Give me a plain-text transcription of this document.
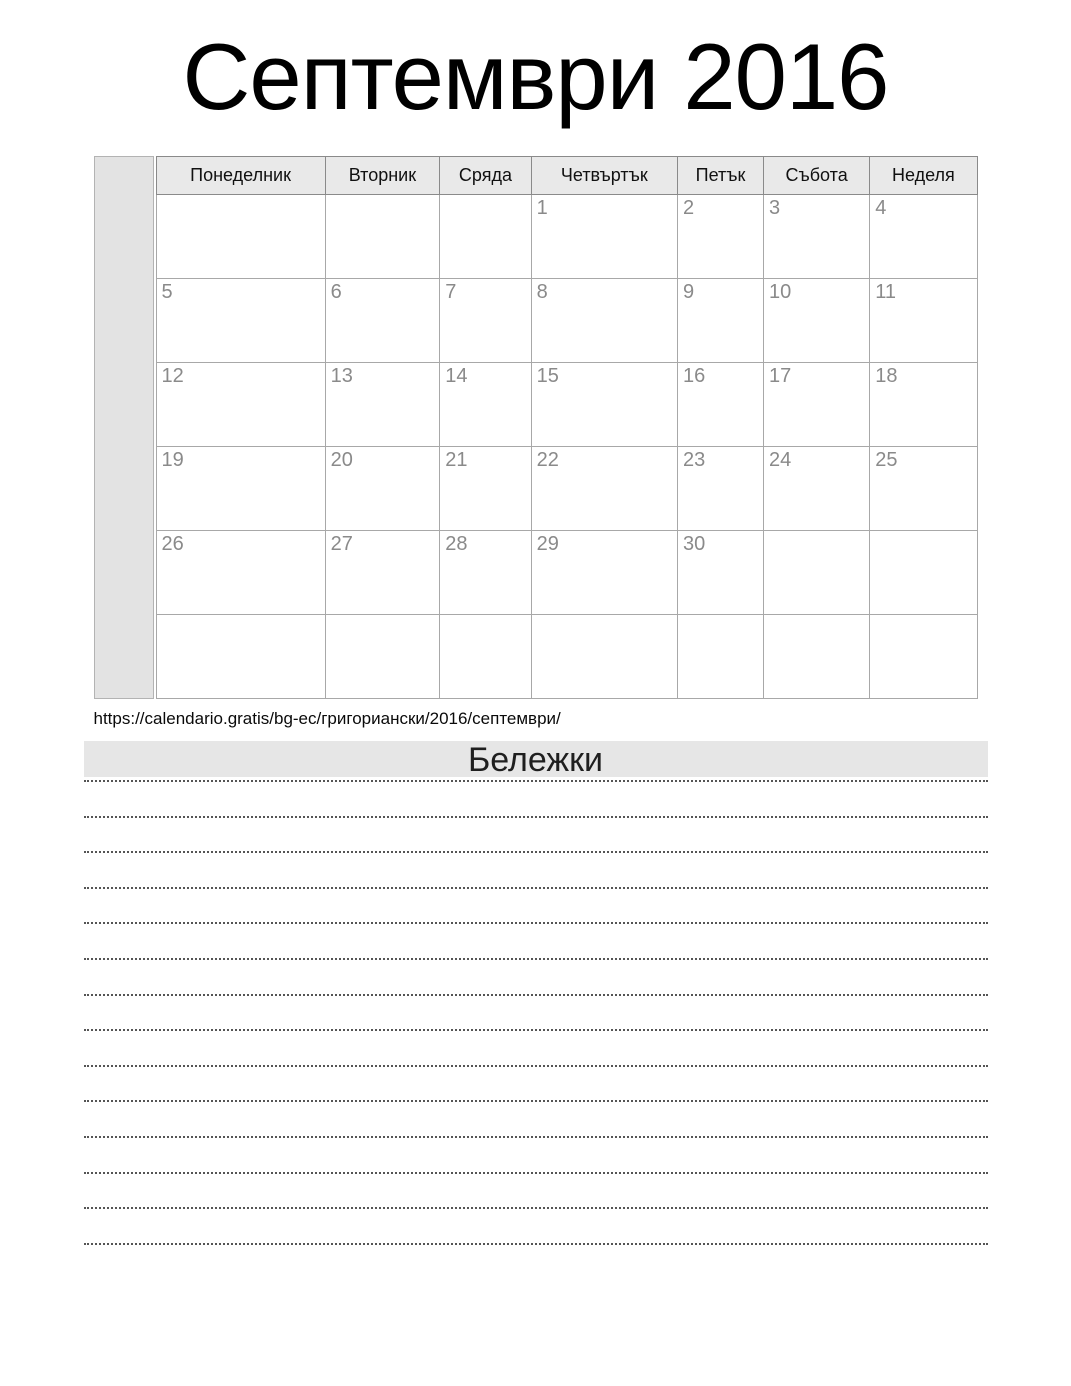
Септември 2016
Понеделник	Вторник	Сряда	Четвъртък	Петък	Събота	Неделя
			1	2	3	4
5	6	7	8	9	10	11
12	13	14	15	16	17	18
19	20	21	22	23	24	25
26	27	28	29	30		

https://calendario.gratis/bg-ec/григориански/2016/септември/
Бележки
